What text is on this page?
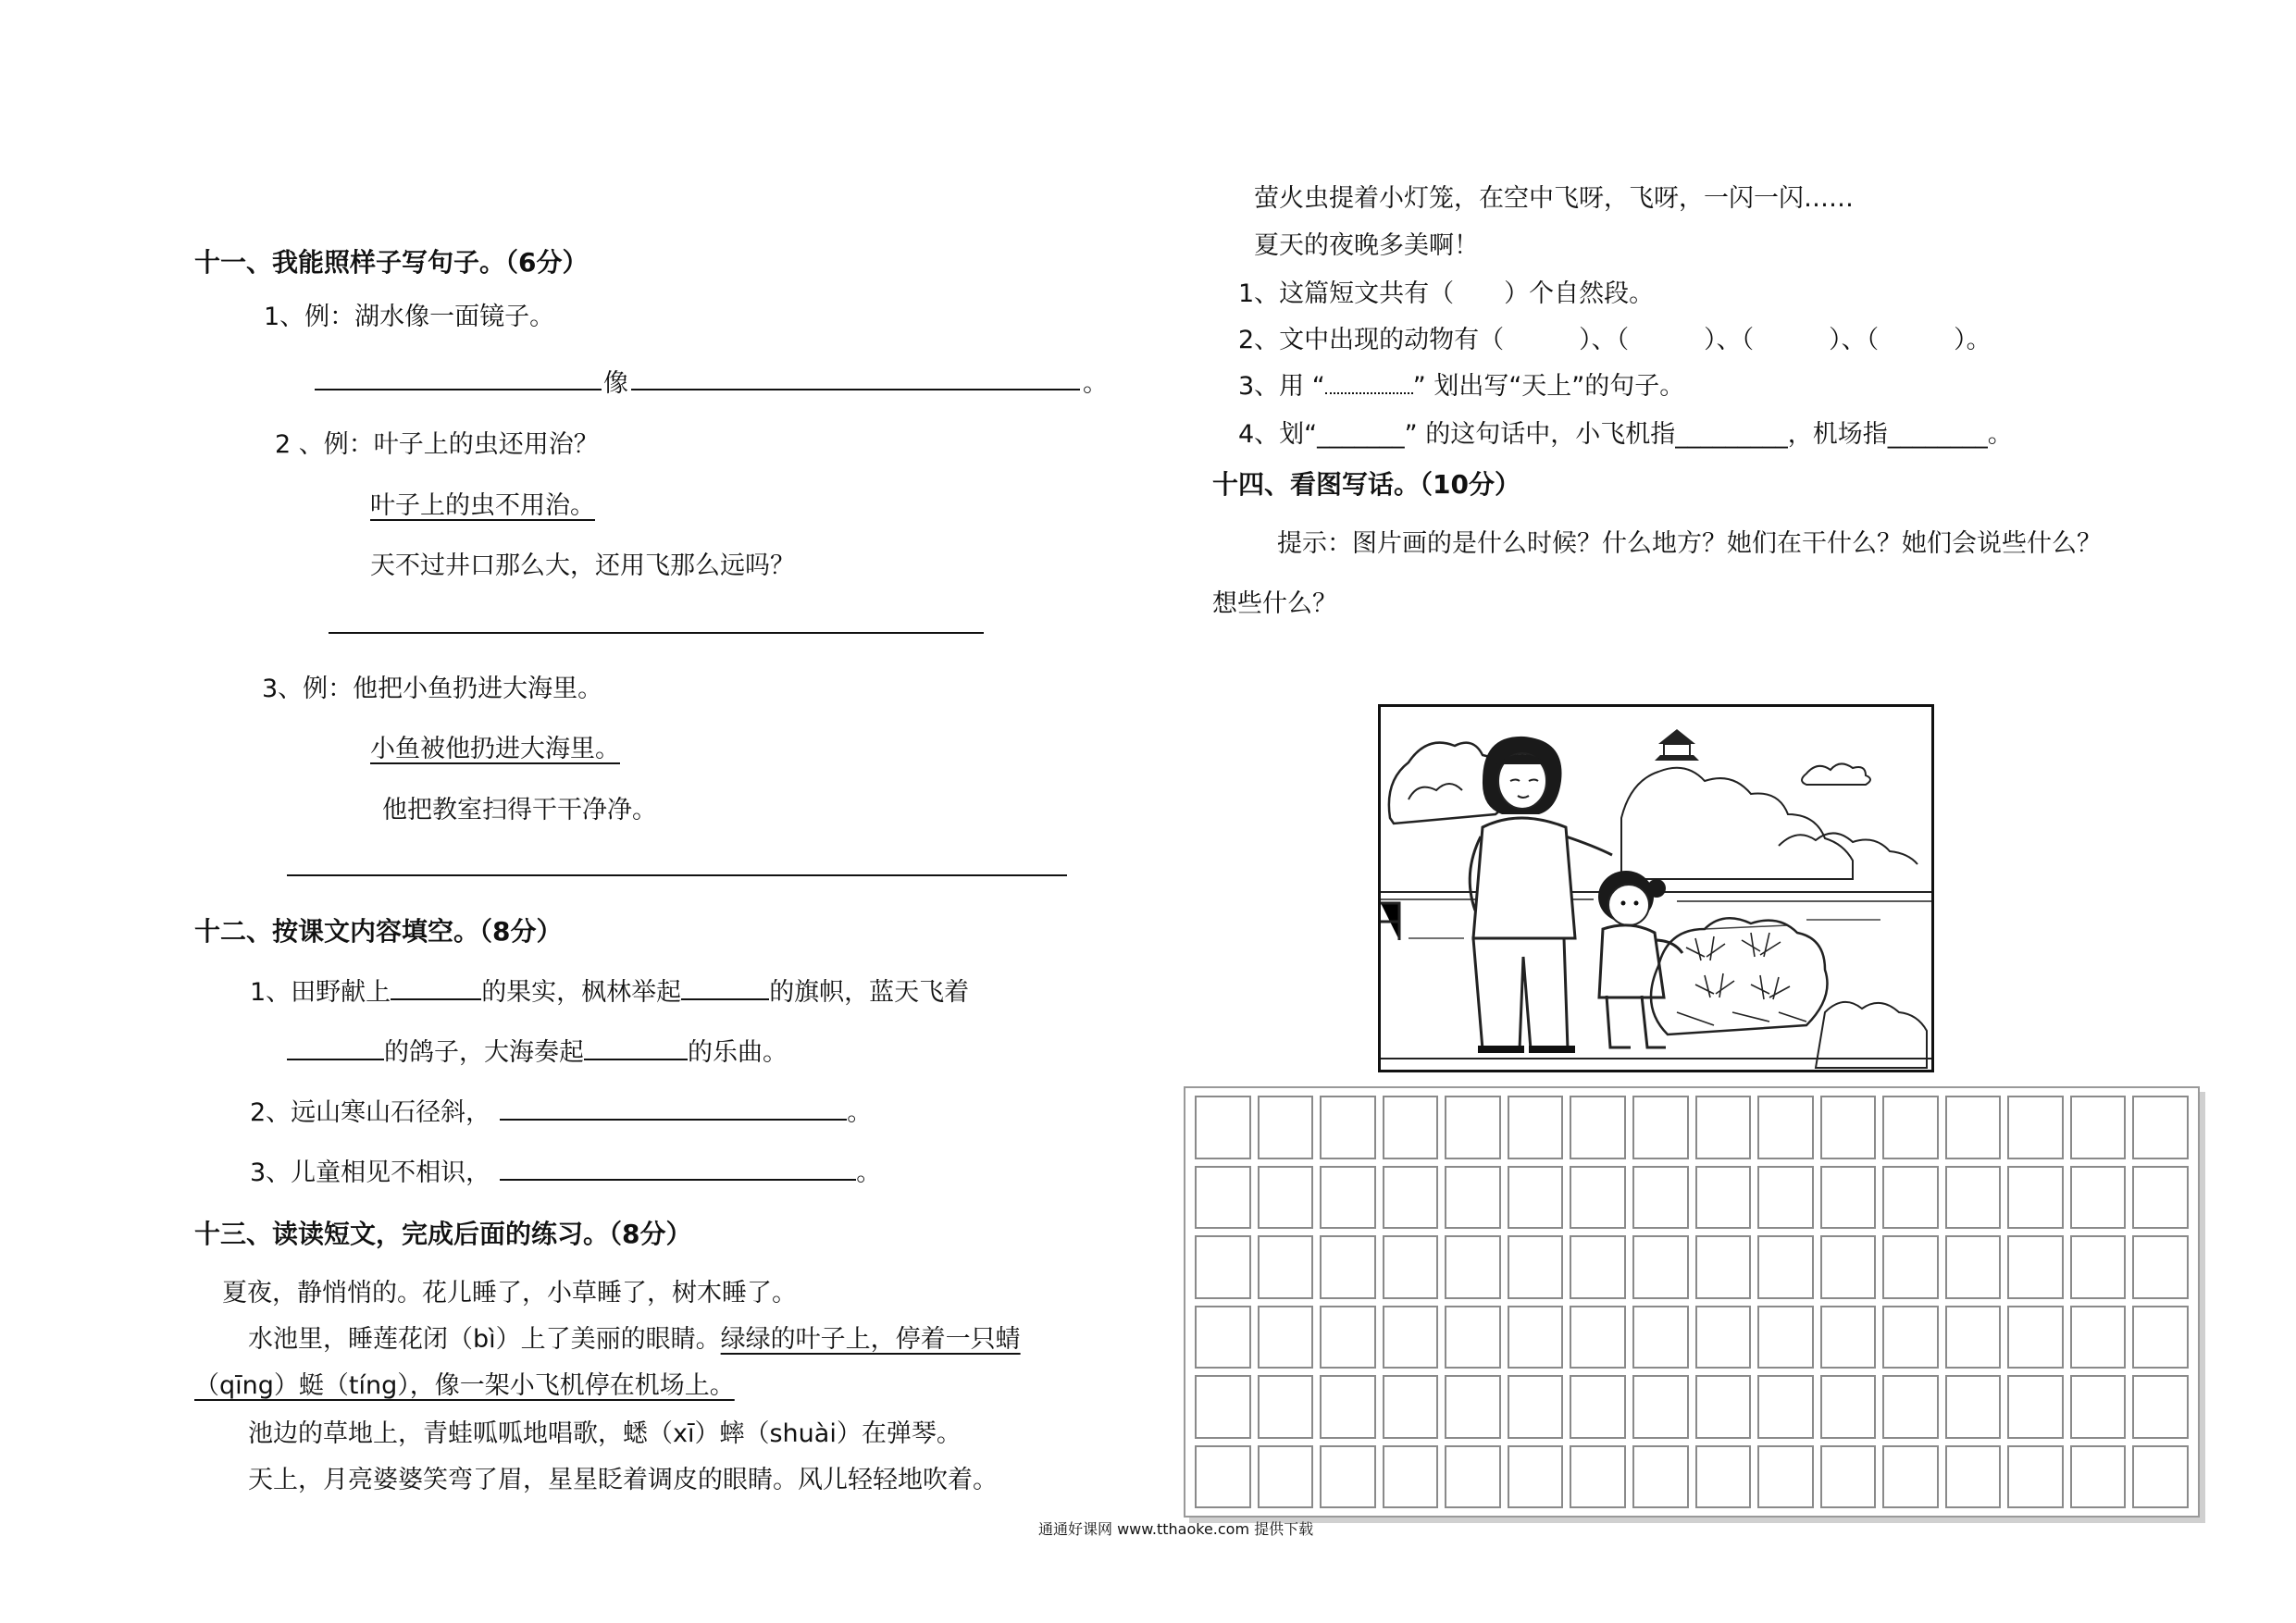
十一、我能照样子写句子。（6分）
1、例：湖水像一面镜子。
像	。
2 、例：叶子上的虫还用治？
叶子上的虫不用治。
天不过井口那么大，还用飞那么远吗？
3、例：他把小鱼扔进大海里。
小鱼被他扔进大海里。
他把教室扫得干干净净。
十二、按课文内容填空。（8分）
1、田野献上	的果实，枫林举起	的旗帜，蓝天飞着
的鸽子，大海奏起	的乐曲。
2、远山寒山石径斜，	。
3、儿童相见不相识，	。
十三、读读短文，完成后面的练习。（8分）
夏夜，静悄悄的。花儿睡了，小草睡了，树木睡了。
水池里，睡莲花闭（bì）上了美丽的眼睛。绿绿的叶子上，停着一只蜻
（qīng）蜓（tíng），像一架小飞机停在机场上。
池边的草地上，青蛙呱呱地唱歌，蟋（xī）蟀（shuài）在弹琴。
天上，月亮婆婆笑弯了眉，星星眨着调皮的眼睛。风儿轻轻地吹着。
萤火虫提着小灯笼，在空中飞呀，飞呀，一闪一闪……
夏天的夜晚多美啊！
1、这篇短文共有（　　）个自然段。
2、文中出现的动物有（　　　）、（　　　）、（　　　）、（　　　）。
3、用 “	” 划出写“天上”的句子。
4、划“_______” 的这句话中，小飞机指_________，机场指________。
十四、看图写话。（10分）
提示：图片画的是什么时候？什么地方？她们在干什么？她们会说些什么？
想些什么？
通通好课网 www.tthaoke.com 提供下载
